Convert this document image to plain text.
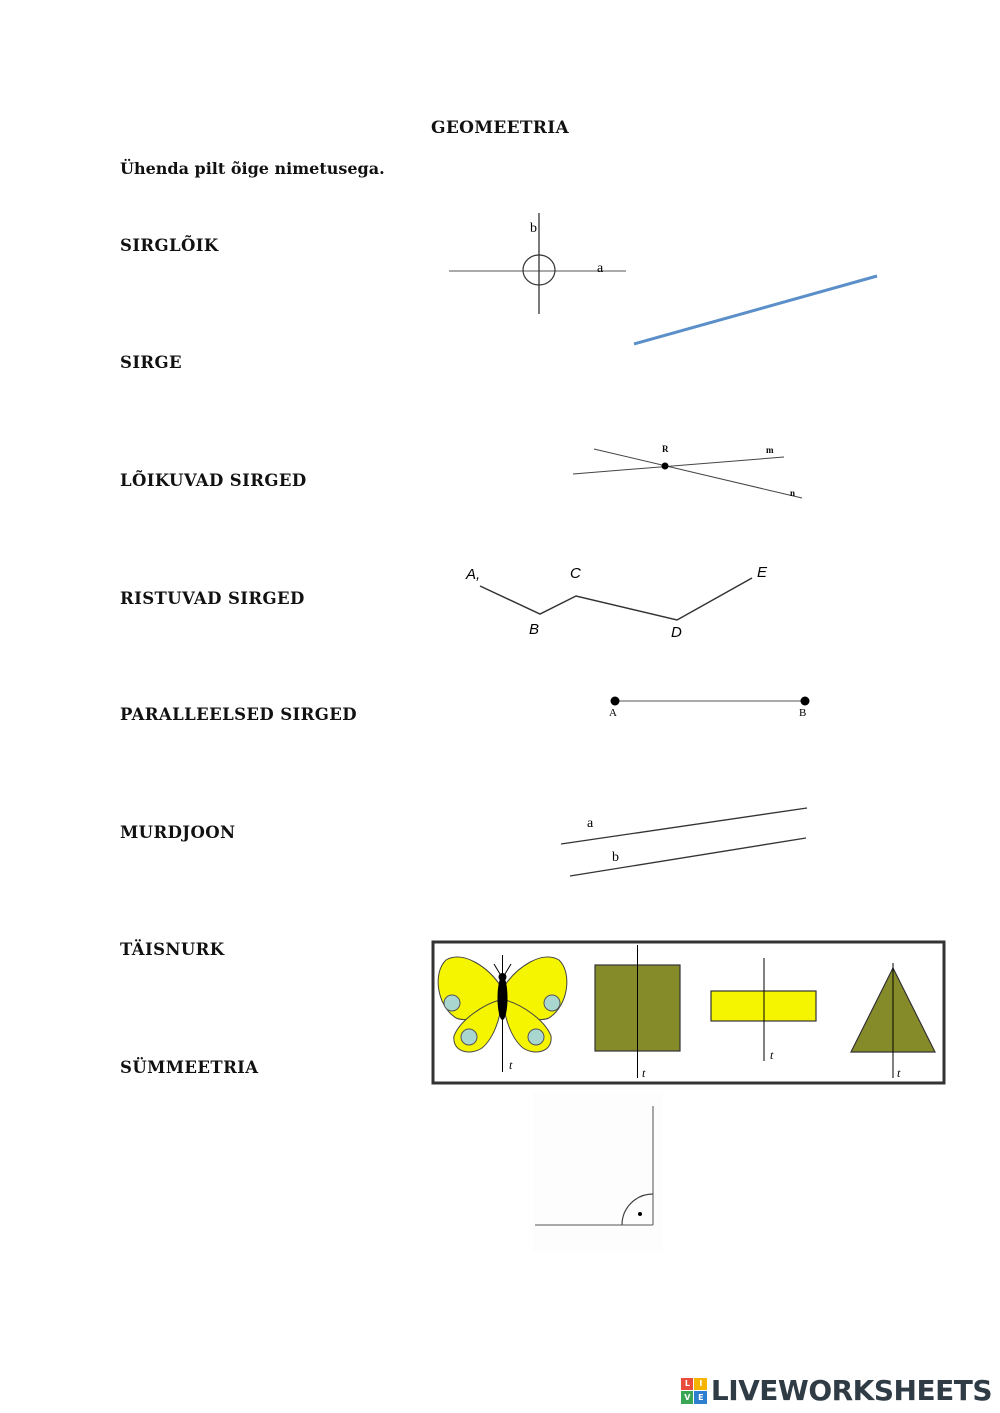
GEOMEETRIA
Ühenda pilt õige nimetusega.
SIRGLÕIK
SIRGE
LÕIKUVAD SIRGED
RISTUVAD SIRGED
PARALLEELSED SIRGED
MURDJOON
TÄISNURK
SÜMMEETRIA
b
a
R	m
n
A,
B
C
D
E
A	B
a
b
t
t
t
t
L	I
V	E LIVEWORKSHEETS
